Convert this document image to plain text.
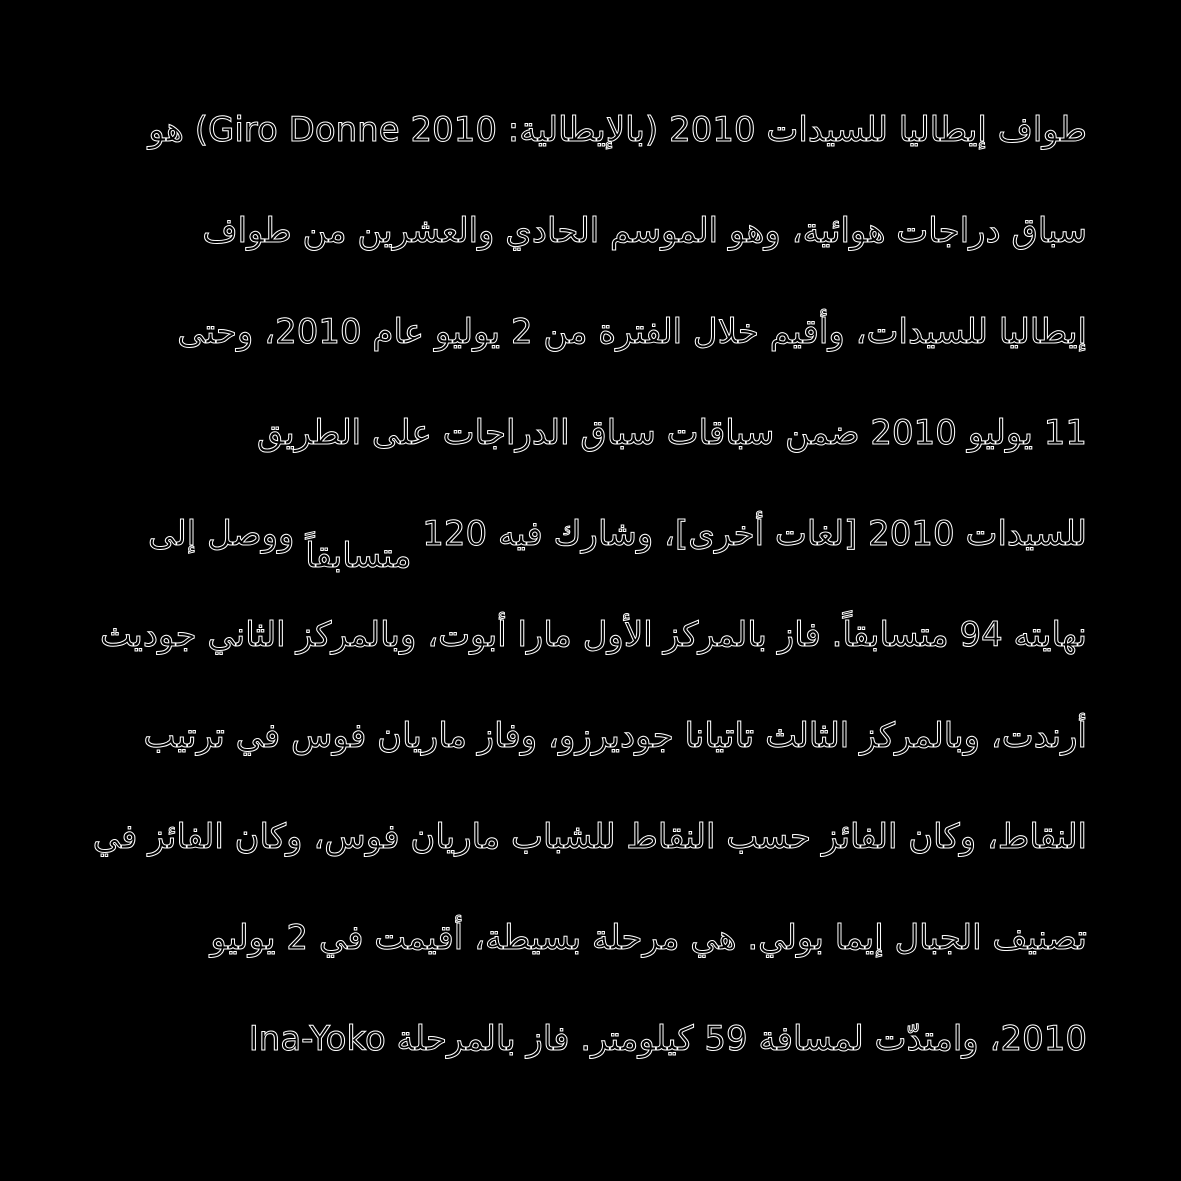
طواف إيطاليا للسيدات 2010 (بالإيطالية: Giro Donne 2010) هو
سباق دراجات هوائية، وهو الموسم الحادي والعشرين من طواف
إيطاليا للسيدات، وأقيم خلال الفترة من 2 يوليو عام 2010، وحتى
11 يوليو 2010 ضمن سباقات سباق الدراجات على الطريق
للسيدات 2010 [لغات أخرى]، وشارك فيه 120 متسابقاً ووصل إلى
نهايته 94 متسابقاً. فاز بالمركز الأول مارا أبوت، وبالمركز الثاني جوديث
أرندت، وبالمركز الثالث تاتيانا جوديرزو، وفاز ماريان فوس في ترتيب
النقاط، وكان الفائز حسب النقاط للشباب ماريان فوس، وكان الفائز في
تصنيف الجبال إيما بولي. هي مرحلة بسيطة، أقيمت في 2 يوليو
2010، وامتدّت لمسافة 59 كيلومتر. فاز بالمرحلة Ina-Yoko
